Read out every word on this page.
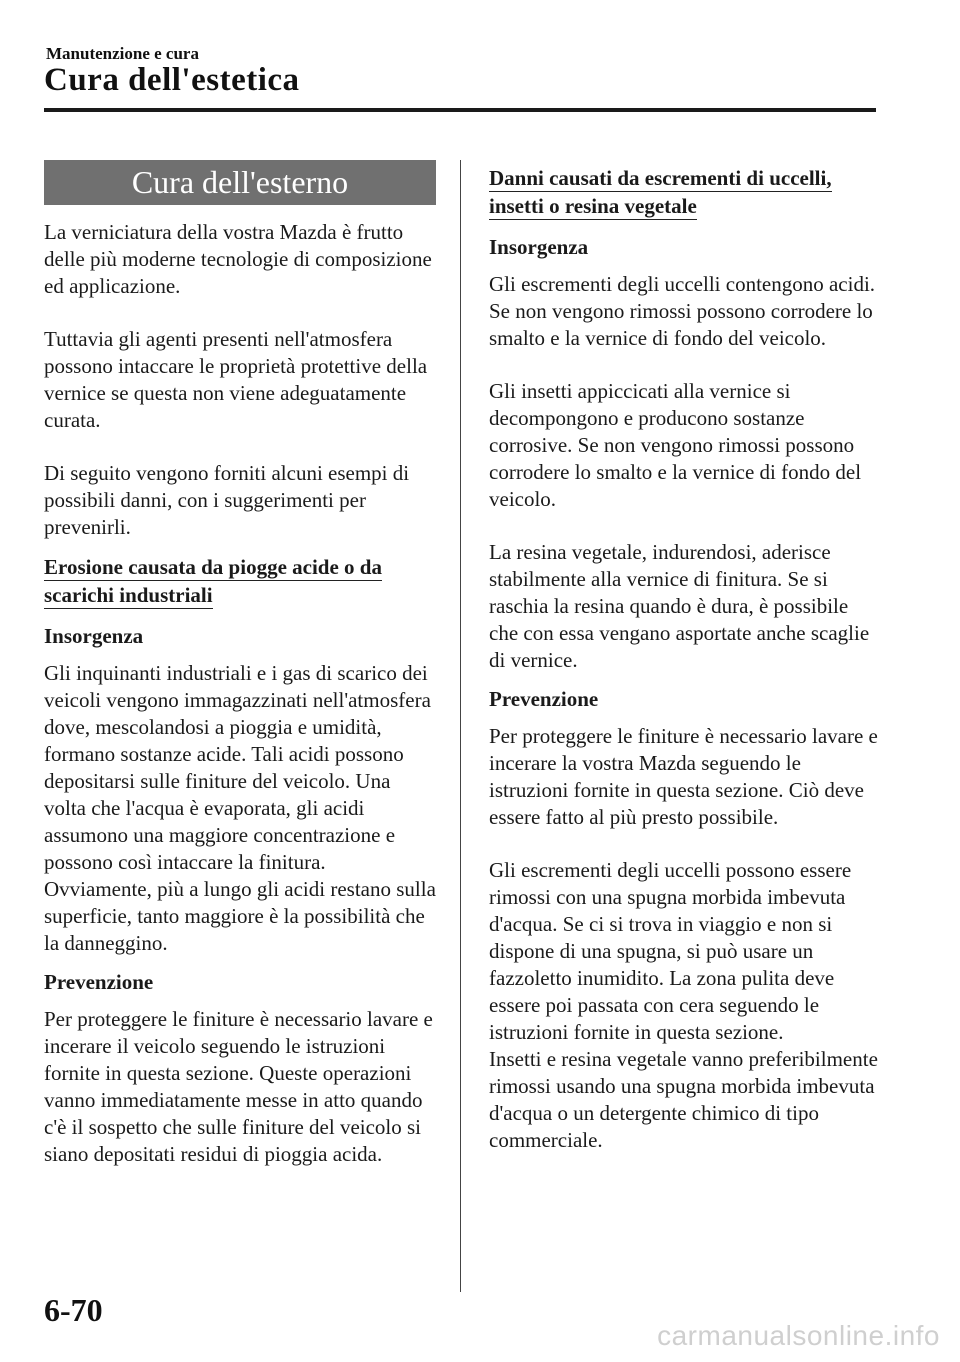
Manutenzione e cura
Cura dell'estetica
Cura dell'esterno

La verniciatura della vostra Mazda è frutto delle più moderne tecnologie di composizione ed applicazione.

Tuttavia gli agenti presenti nell'atmosfera possono intaccare le proprietà protettive della vernice se questa non viene adeguatamente curata.

Di seguito vengono forniti alcuni esempi di possibili danni, con i suggerimenti per prevenirli.

Erosione causata da piogge acide o da
scarichi industriali
Insorgenza

Gli inquinanti industriali e i gas di scarico dei veicoli vengono immagazzinati nell'atmosfera dove, mescolandosi a pioggia e umidità, formano sostanze acide. Tali acidi possono depositarsi sulle finiture del veicolo. Una volta che l'acqua è evaporata, gli acidi assumono una maggiore concentrazione e possono così intaccare la finitura.

Ovviamente, più a lungo gli acidi restano sulla superficie, tanto maggiore è la possibilità che la danneggino.

Prevenzione

Per proteggere le finiture è necessario lavare e incerare il veicolo seguendo le istruzioni fornite in questa sezione. Queste operazioni vanno immediatamente messe in atto quando c'è il sospetto che sulle finiture del veicolo si siano depositati residui di pioggia acida.

Danni causati da escrementi di uccelli,
insetti o resina vegetale
Insorgenza

Gli escrementi degli uccelli contengono acidi. Se non vengono rimossi possono corrodere lo smalto e la vernice di fondo del veicolo.

Gli insetti appiccicati alla vernice si decompongono e producono sostanze corrosive. Se non vengono rimossi possono corrodere lo smalto e la vernice di fondo del veicolo.

La resina vegetale, indurendosi, aderisce stabilmente alla vernice di finitura. Se si raschia la resina quando è dura, è possibile che con essa vengano asportate anche scaglie di vernice.

Prevenzione

Per proteggere le finiture è necessario lavare e incerare la vostra Mazda seguendo le istruzioni fornite in questa sezione. Ciò deve essere fatto al più presto possibile.

Gli escrementi degli uccelli possono essere rimossi con una spugna morbida imbevuta d'acqua. Se ci si trova in viaggio e non si dispone di una spugna, si può usare un fazzoletto inumidito. La zona pulita deve essere poi passata con cera seguendo le istruzioni fornite in questa sezione.

Insetti e resina vegetale vanno preferibilmente rimossi usando una spugna morbida imbevuta d'acqua o un detergente chimico di tipo commerciale.

6-70
carmanualsonline.info
